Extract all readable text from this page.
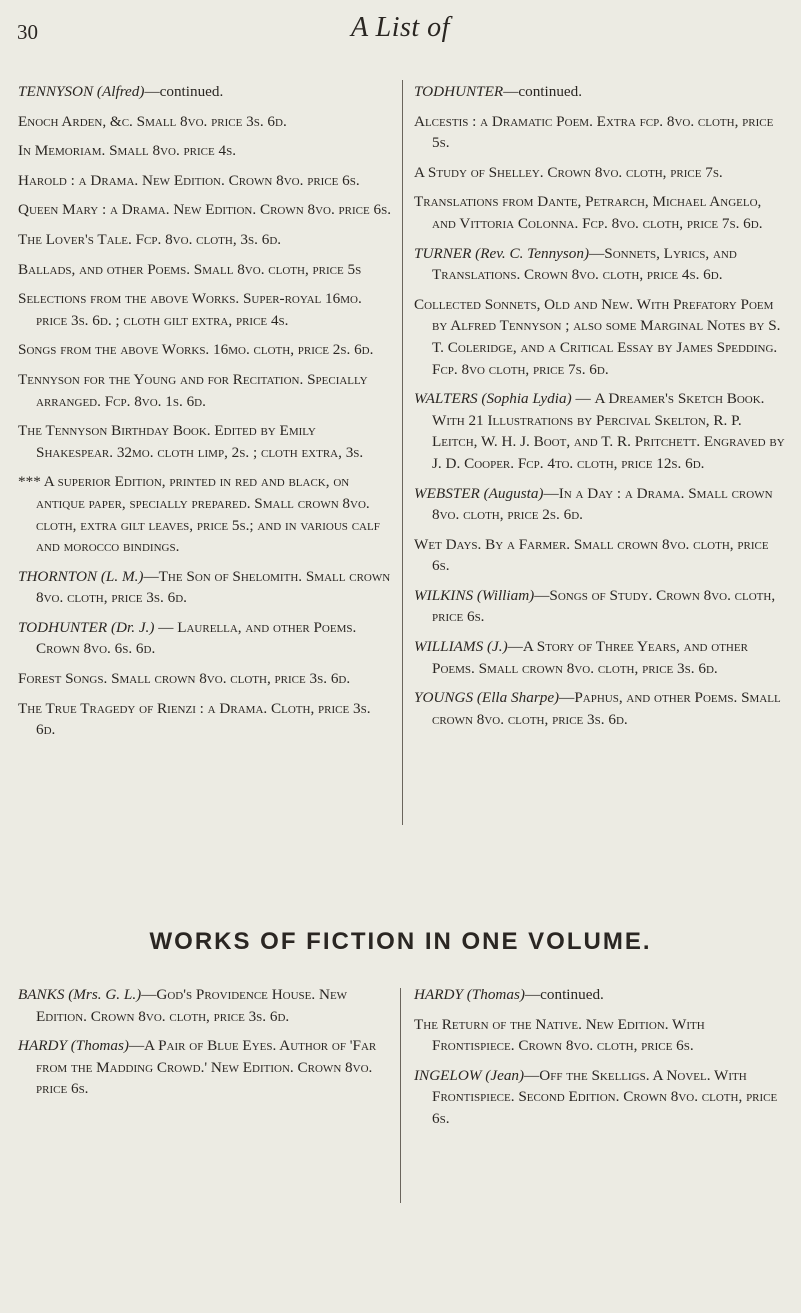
30	A List of

TENNYSON (Alfred)—continued.

Enoch Arden, &c. Small 8vo. price 3s. 6d.

In Memoriam. Small 8vo. price 4s.

Harold : a Drama. New Edition. Crown 8vo. price 6s.

Queen Mary : a Drama. New Edition. Crown 8vo. price 6s.

The Lover's Tale. Fcp. 8vo. cloth, 3s. 6d.

Ballads, and other Poems. Small 8vo. cloth, price 5s

Selections from the above Works. Super-royal 16mo. price 3s. 6d. ; cloth gilt extra, price 4s.

Songs from the above Works. 16mo. cloth, price 2s. 6d.

Tennyson for the Young and for Recitation. Specially arranged. Fcp. 8vo. 1s. 6d.

The Tennyson Birthday Book. Edited by Emily Shakespear. 32mo. cloth limp, 2s. ; cloth extra, 3s.

*** A superior Edition, printed in red and black, on antique paper, specially prepared. Small crown 8vo. cloth, extra gilt leaves, price 5s.; and in various calf and morocco bindings.

THORNTON (L. M.)—The Son of Shelomith. Small crown 8vo. cloth, price 3s. 6d.

TODHUNTER (Dr. J.) — Laurella, and other Poems. Crown 8vo. 6s. 6d.

Forest Songs. Small crown 8vo. cloth, price 3s. 6d.

The True Tragedy of Rienzi : a Drama. Cloth, price 3s. 6d.

TODHUNTER—continued.

Alcestis : a Dramatic Poem. Extra fcp. 8vo. cloth, price 5s.

A Study of Shelley. Crown 8vo. cloth, price 7s.

Translations from Dante, Petrarch, Michael Angelo, and Vittoria Colonna. Fcp. 8vo. cloth, price 7s. 6d.

TURNER (Rev. C. Tennyson)—Sonnets, Lyrics, and Translations. Crown 8vo. cloth, price 4s. 6d.

Collected Sonnets, Old and New. With Prefatory Poem by Alfred Tennyson ; also some Marginal Notes by S. T. Coleridge, and a Critical Essay by James Spedding. Fcp. 8vo cloth, price 7s. 6d.

WALTERS (Sophia Lydia) — A Dreamer's Sketch Book. With 21 Illustrations by Percival Skelton, R. P. Leitch, W. H. J. Boot, and T. R. Pritchett. Engraved by J. D. Cooper. Fcp. 4to. cloth, price 12s. 6d.

WEBSTER (Augusta)—In a Day : a Drama. Small crown 8vo. cloth, price 2s. 6d.

Wet Days. By a Farmer. Small crown 8vo. cloth, price 6s.

WILKINS (William)—Songs of Study. Crown 8vo. cloth, price 6s.

WILLIAMS (J.)—A Story of Three Years, and other Poems. Small crown 8vo. cloth, price 3s. 6d.

YOUNGS (Ella Sharpe)—Paphus, and other Poems. Small crown 8vo. cloth, price 3s. 6d.

WORKS OF FICTION IN ONE VOLUME.

BANKS (Mrs. G. L.)—God's Providence House. New Edition. Crown 8vo. cloth, price 3s. 6d.

HARDY (Thomas)—A Pair of Blue Eyes. Author of 'Far from the Madding Crowd.' New Edition. Crown 8vo. price 6s.

HARDY (Thomas)—continued.

The Return of the Native. New Edition. With Frontispiece. Crown 8vo. cloth, price 6s.

INGELOW (Jean)—Off the Skelligs. A Novel. With Frontispiece. Second Edition. Crown 8vo. cloth, price 6s.
